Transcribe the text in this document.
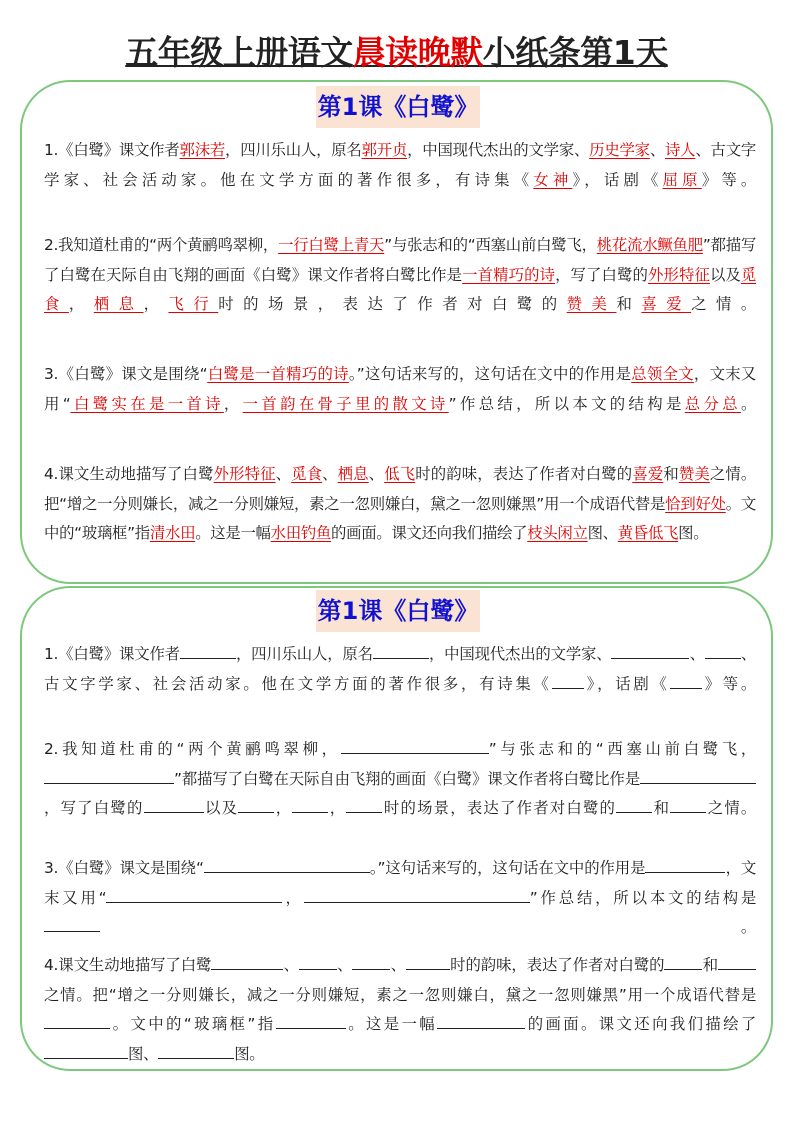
五年级上册语文晨读晚默小纸条第1天
第1课《白鹭》
1.《白鹭》课文作者郭沫若，四川乐山人，原名郭开贞，中国现代杰出的文学家、历史学家、诗人、古文字学家、社会活动家。他在文学方面的著作很多，有诗集《女神》，话剧《屈原》等。
2.我知道杜甫的“两个黄鹂鸣翠柳，一行白鹭上青天”与张志和的“西塞山前白鹭飞，桃花流水鳜鱼肥”都描写了白鹭在天际自由飞翔的画面《白鹭》课文作者将白鹭比作是一首精巧的诗，写了白鹭的外形特征以及觅食，栖息，飞行时的场景，表达了作者对白鹭的赞美和喜爱之情。
3.《白鹭》课文是围绕“白鹭是一首精巧的诗。”这句话来写的，这句话在文中的作用是总领全文，文末又用“白鹭实在是一首诗，一首韵在骨子里的散文诗”作总结，所以本文的结构是总分总。
4.课文生动地描写了白鹭外形特征、觅食、栖息、低飞时的韵味，表达了作者对白鹭的喜爱和赞美之情。把“增之一分则嫌长，减之一分则嫌短，素之一忽则嫌白，黛之一忽则嫌黑”用一个成语代替是恰到好处。文中的“玻璃框”指清水田。这是一幅水田钓鱼的画面。课文还向我们描绘了枝头闲立图、黄昏低飞图。
第1课《白鹭》
1.《白鹭》课文作者	，四川乐山人，原名	，中国现代杰出的文学家、	、 、古文字学家、社会活动家。他在文学方面的著作很多，有诗集《 》，话剧《 》等。
2.我知道杜甫的“两个黄鹂鸣翠柳，	”与张志和的“西塞山前白鹭飞，”都描写了白鹭在天际自由飞翔的画面《白鹭》课文作者将白鹭比作是，写了白鹭的	以及 ， ， 时的场景，表达了作者对白鹭的 和 之情。
3.《白鹭》课文是围绕“	。”这句话来写的，这句话在文中的作用是	，文末又用“	，	”作总结，所以本文的结构是。
4.课文生动地描写了白鹭	、 、 、	时的韵味，表达了作者对白鹭的 和之情。把“增之一分则嫌长，减之一分则嫌短，素之一忽则嫌白，黛之一忽则嫌黑”用一个成语代替是。文中的“玻璃框”指	。这是一幅	的画面。课文还向我们描绘了图、	图。
